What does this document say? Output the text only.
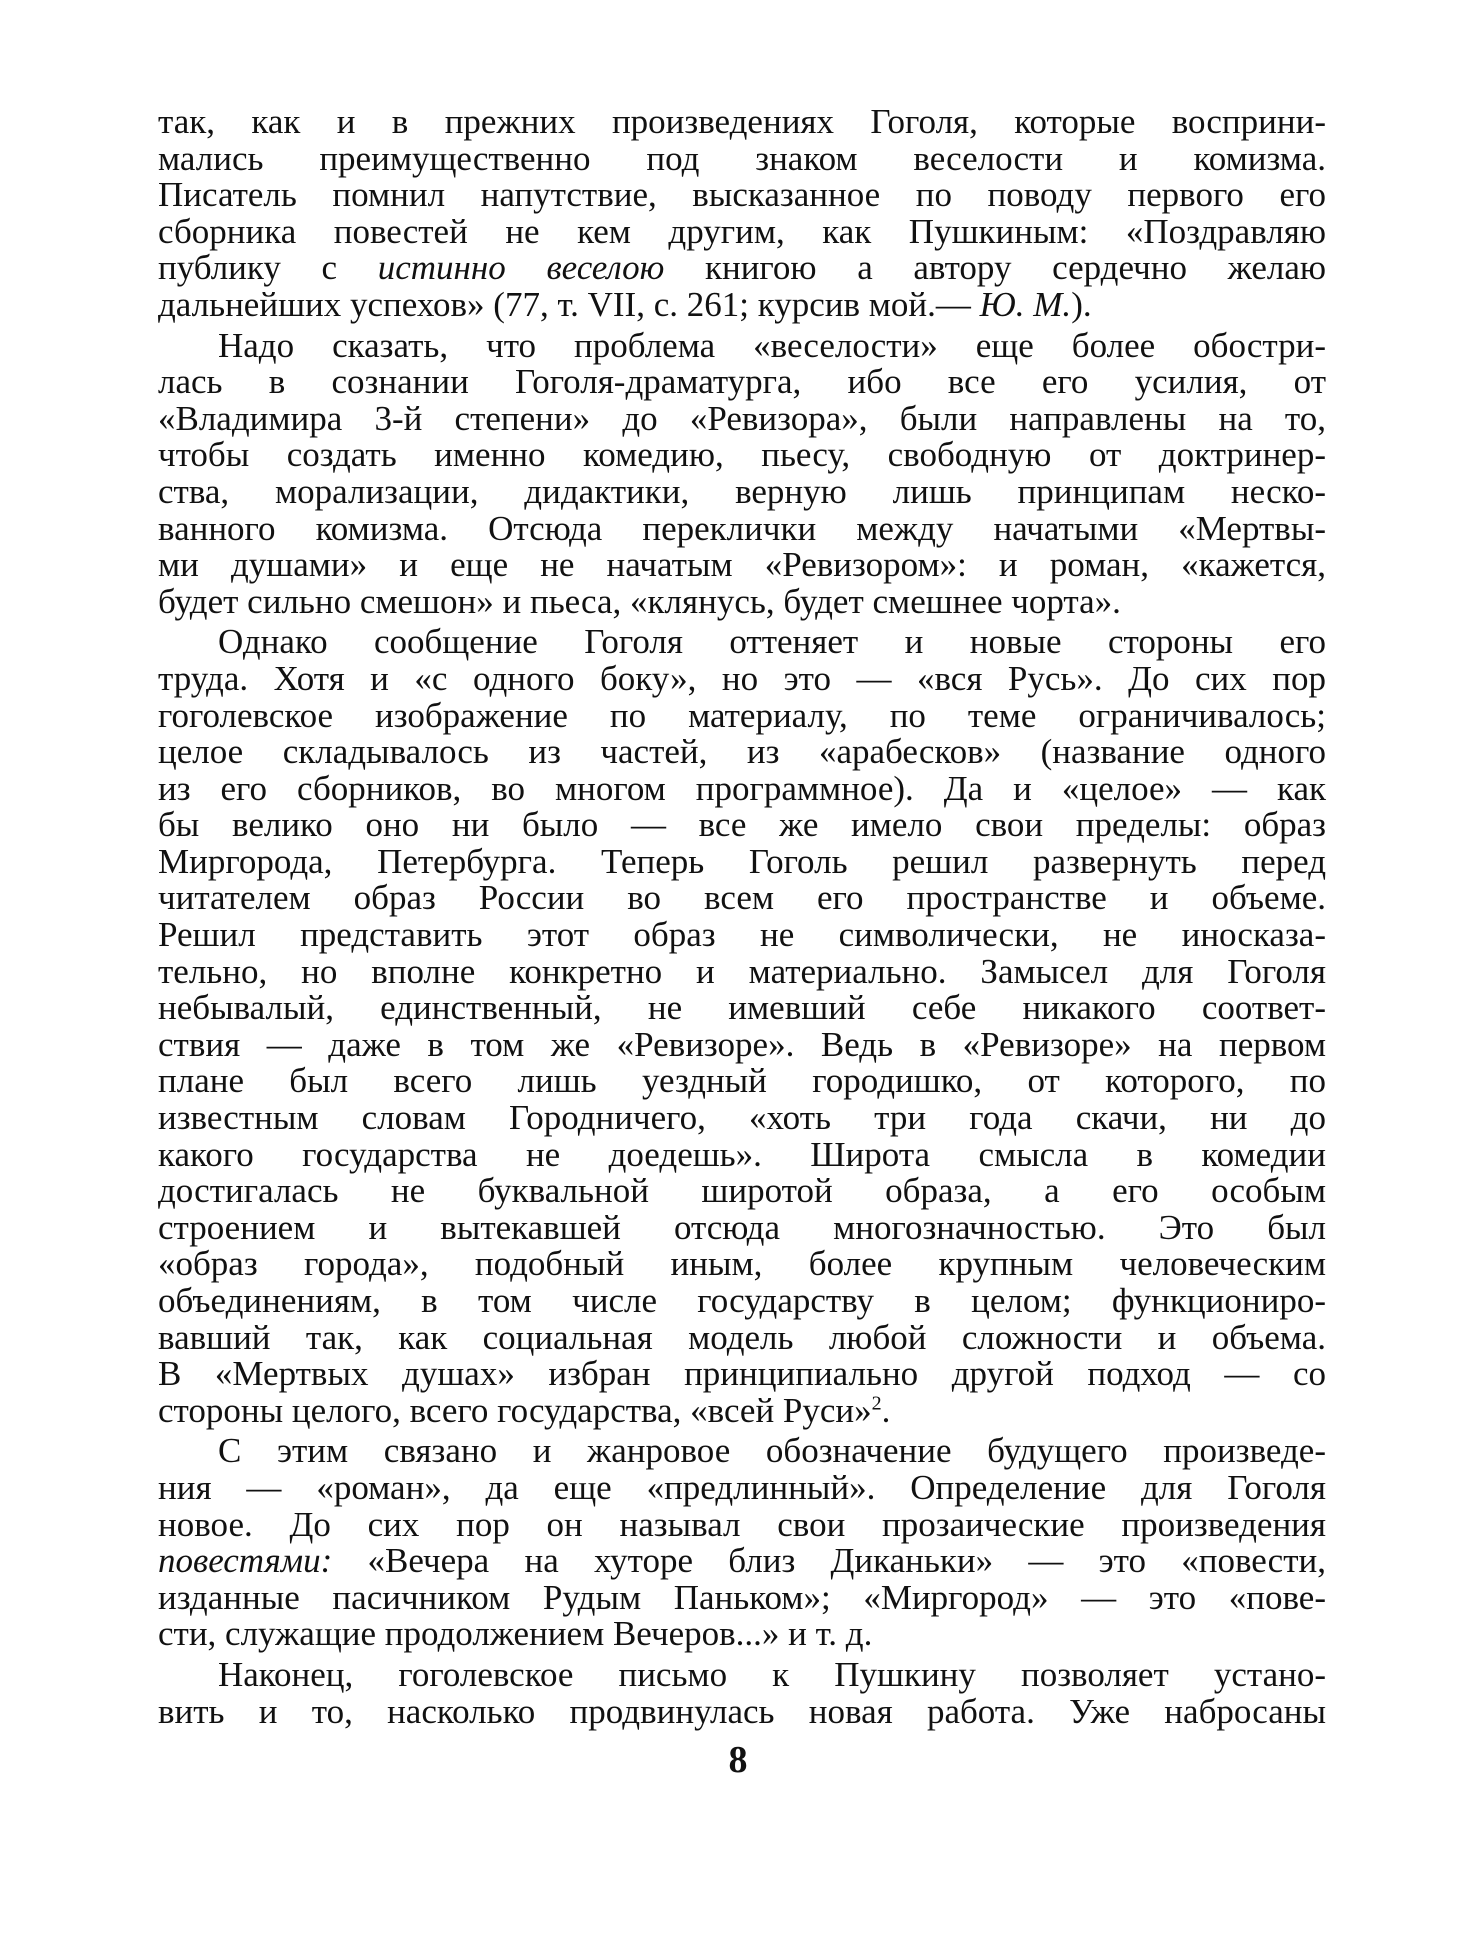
так, как и в прежних произведениях Гоголя, которые восприни-
мались преимущественно под знаком веселости и комизма.
Писатель помнил напутствие, высказанное по поводу первого его
сборника повестей не кем другим, как Пушкиным: «Поздравляю
публику с истинно веселою книгою а автору сердечно желаю
дальнейших успехов» (77, т. VII, с. 261; курсив мой.— Ю. М.).
Надо сказать, что проблема «веселости» еще более обостри-
лась в сознании Гоголя-драматурга, ибо все его усилия, от
«Владимира 3-й степени» до «Ревизора», были направлены на то,
чтобы создать именно комедию, пьесу, свободную от доктринер-
ства, морализации, дидактики, верную лишь принципам неско-
ванного комизма. Отсюда переклички между начатыми «Мертвы-
ми душами» и еще не начатым «Ревизором»: и роман, «кажется,
будет сильно смешон» и пьеса, «клянусь, будет смешнее чорта».
Однако сообщение Гоголя оттеняет и новые стороны его
труда. Хотя и «с одного боку», но это — «вся Русь». До сих пор
гоголевское изображение по материалу, по теме ограничивалось;
целое складывалось из частей, из «арабесков» (название одного
из его сборников, во многом программное). Да и «целое» — как
бы велико оно ни было — все же имело свои пределы: образ
Миргорода, Петербурга. Теперь Гоголь решил развернуть перед
читателем образ России во всем его пространстве и объеме.
Решил представить этот образ не символически, не иносказа-
тельно, но вполне конкретно и материально. Замысел для Гоголя
небывалый, единственный, не имевший себе никакого соответ-
ствия — даже в том же «Ревизоре». Ведь в «Ревизоре» на первом
плане был всего лишь уездный городишко, от которого, по
известным словам Городничего, «хоть три года скачи, ни до
какого государства не доедешь». Широта смысла в комедии
достигалась не буквальной широтой образа, а его особым
строением и вытекавшей отсюда многозначностью. Это был
«образ города», подобный иным, более крупным человеческим
объединениям, в том числе государству в целом; функциониро-
вавший так, как социальная модель любой сложности и объема.
В «Мертвых душах» избран принципиально другой подход — со
стороны целого, всего государства, «всей Руси»$^2$.
С этим связано и жанровое обозначение будущего произведе-
ния — «роман», да еще «предлинный». Определение для Гоголя
новое. До сих пор он называл свои прозаические произведения
повестями: «Вечера на хуторе близ Диканьки» — это «повести,
изданные пасичником Рудым Паньком»; «Миргород» — это «пове-
сти, служащие продолжением Вечеров...» и т. д.
Наконец, гоголевское письмо к Пушкину позволяет устано-
вить и то, насколько продвинулась новая работа. Уже набросаны
8
